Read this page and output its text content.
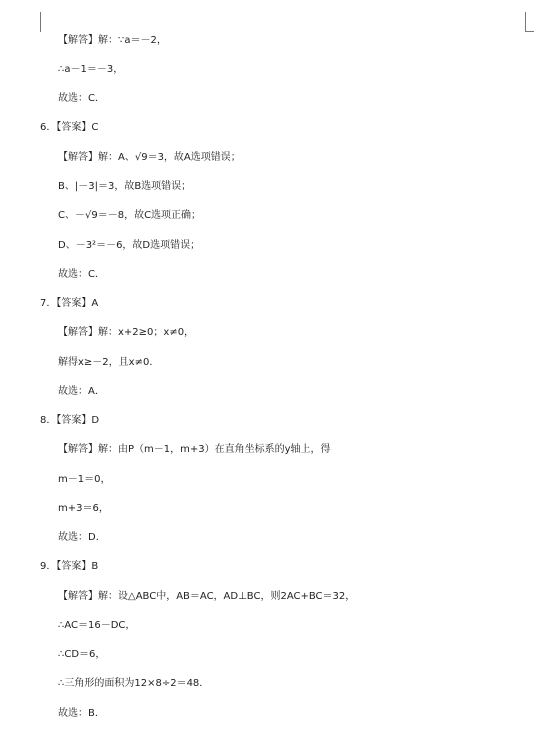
【解答】解：∵a＝－2，
∴a－1＝－3，
故选：C．
6．【答案】C
【解答】解：A、√9＝3，故A选项错误；
B、|－3|＝3，故B选项错误；
C、－√9＝－8，故C选项正确；
D、－3²＝－6，故D选项错误；
故选：C．
7．【答案】A
【解答】解：x+2≥0；x≠0，
解得x≥－2，且x≠0．
故选：A．
8．【答案】D
【解答】解：由P（m－1，m+3）在直角坐标系的y轴上，得
m－1＝0，
m+3＝6，
故选：D．
9．【答案】B
【解答】解：设△ABC中，AB＝AC，AD⊥BC，则2AC+BC＝32，
∴AC＝16－DC，
∴CD＝6，
∴三角形的面积为12×8÷2＝48．
故选：B．
